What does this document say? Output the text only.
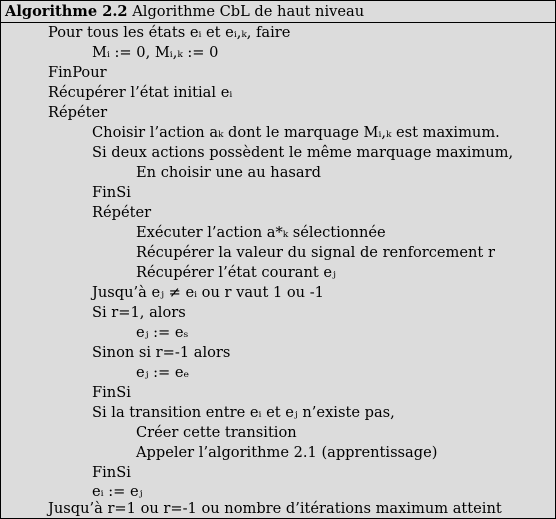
Algorithme 2.2 Algorithme CbL de haut niveau
Pour tous les états eᵢ et eᵢ,ₖ, faire
Mᵢ := 0, Mᵢ,ₖ := 0
FinPour
Récupérer l’état initial eᵢ
Répéter
Choisir l’action aₖ dont le marquage Mᵢ,ₖ est maximum.
Si deux actions possèdent le même marquage maximum,
En choisir une au hasard
FinSi
Répéter
Exécuter l’action a*ₖ sélectionnée
Récupérer la valeur du signal de renforcement r
Récupérer l’état courant eⱼ
Jusqu’à eⱼ ≠ eᵢ ou r vaut 1 ou -1
Si r=1, alors
eⱼ := eₛ
Sinon si r=-1 alors
eⱼ := eₑ
FinSi
Si la transition entre eᵢ et eⱼ n’existe pas,
Créer cette transition
Appeler l’algorithme 2.1 (apprentissage)
FinSi
eᵢ := eⱼ
Jusqu’à r=1 ou r=-1 ou nombre d’itérations maximum atteint
